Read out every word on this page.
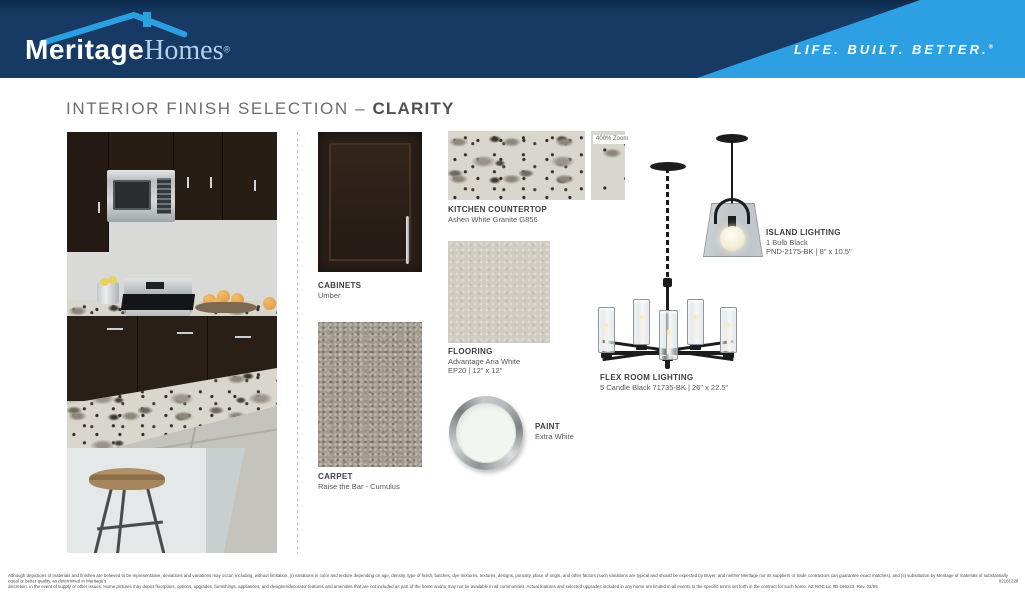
MeritageHomes®	LIFE. BUILT. BETTER.®
INTERIOR FINISH SELECTION – CLARITY
CABINETS
Umber
CARPET
Raise the Bar - Cumulus
400% Zoom
KITCHEN COUNTERTOP
Ashen White Granite G856
FLOORING
Advantage Aria White
EP20 | 12" x 12"
PAINT
Extra White
FLEX ROOM LIGHTING
5 Candle Black 71735-BK | 26" x 22.5"
ISLAND LIGHTING
1 Bulb Black
PND-2175-BK | 8" x 10.5"
Although depictions of materials and finishes are believed to be representative, deviations and variations may occur, including, without limitation, (i) variations in color and texture depending on age, density, type of finish, batches, dye mixtures, textures, designs, porosity, place of origin, and other factors (such variations are typical and should be expected by Buyer, and neither Meritage nor its suppliers or trade contractors can guarantee exact matches), and (ii) substitution by Meritage of materials of substantially equal or better quality, as determined in Meritage's
discretion, in the event of supply or other issues. Home pictures may depict floorplans, options, upgrades, furnishings, appliances, and designer/decorator features and amenities that are not included as part of the home and/or may not be available in all communities. Actual features and selected upgrades included in any home are limited in all events to the specific terms set forth in the contract for such home. AZ ROC Lic #B-166223. Rev. 02/05
02161228
